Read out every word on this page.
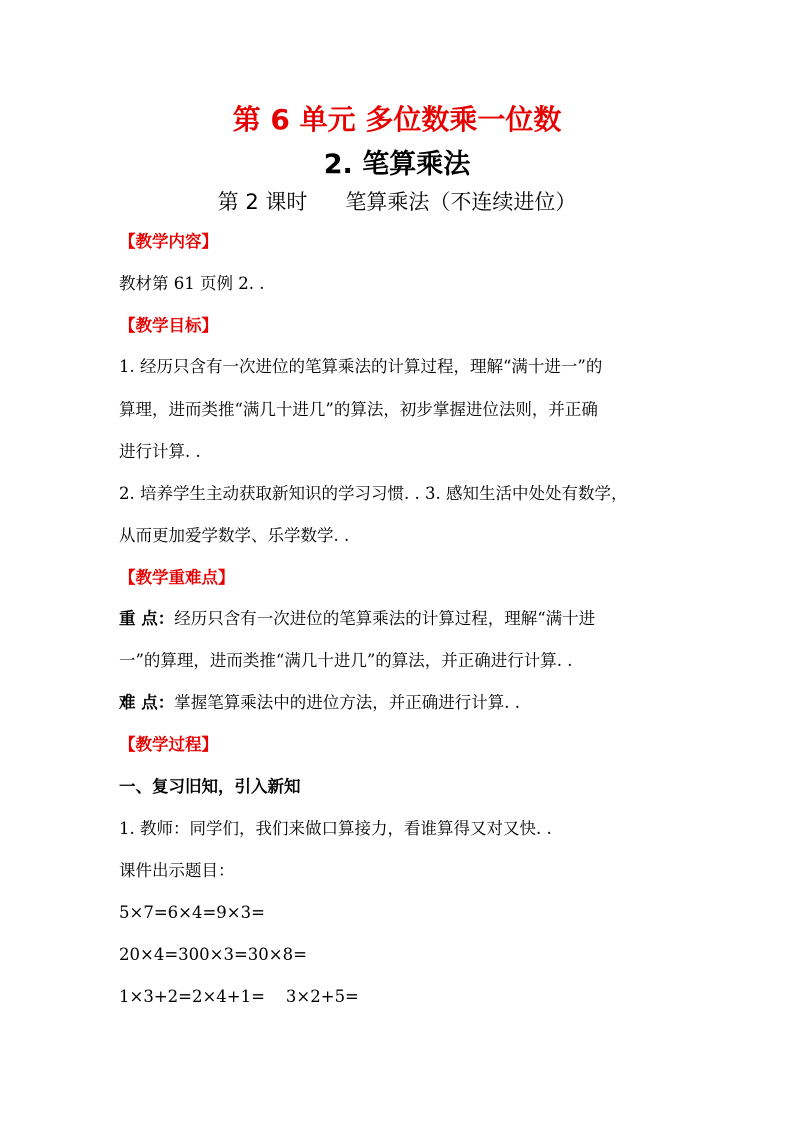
第 6 单元 多位数乘一位数
2. 笔算乘法
第 2 课时 笔算乘法（不连续进位）
【教学内容】
教材第 61 页例 2. .
【教学目标】
1. 经历只含有一次进位的笔算乘法的计算过程，理解“满十进一”的
算理，进而类推“满几十进几”的算法，初步掌握进位法则，并正确
进行计算. .
2. 培养学生主动获取新知识的学习习惯. . 3. 感知生活中处处有数学，
从而更加爱学数学、乐学数学. .
【教学重难点】
重 点：经历只含有一次进位的笔算乘法的计算过程，理解“满十进
一”的算理，进而类推“满几十进几”的算法，并正确进行计算. .
难 点：掌握笔算乘法中的进位方法，并正确进行计算. .
【教学过程】
一、复习旧知，引入新知
1. 教师：同学们，我们来做口算接力，看谁算得又对又快. .
课件出示题目：
5×7=6×4=9×3=
20×4=300×3=30×8=
1×3+2=2×4+1=    3×2+5=
